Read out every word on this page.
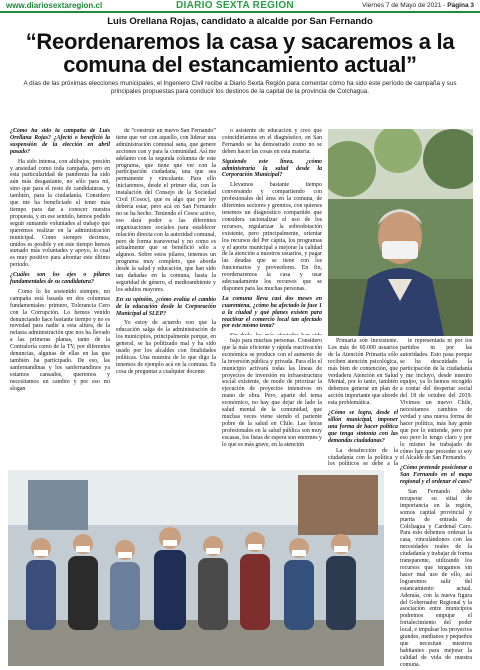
www.diariosextaregion.cl	DIARIO SEXTA REGIÓN	Viernes 7 de Mayo de 2021 - Página 3
Luis Orellana Rojas, candidato a alcalde por San Fernando
“Reordenaremos la casa y sacaremos a la comuna del estancamiento actual”
A días de las próximas elecciones municipales, el Ingeniero Civil recibe a Diario Sexta Región para comentar cómo ha sido este período de campaña y sus principales propuestas para conducir los destinos de la capital de la provincia de Colchagua.

¿Cómo ha sido la campaña de Luis Orellana Rojas? ¿Afectó o benefició la suspensión de la elección en abril pasado?

Ha sido intensa, con altibajos, presión y ansiedad como toda campaña, pero en esta particularidad de pandemia ha sido aún más desgastante, no sólo para mí, sino que para el resto de candidaturas, y también, para la ciudadanía. Considero que me ha beneficiado el tener más tiempo para dar a conocer nuestra propuesta, y en ese sentido, hemos podido seguir sumando voluntades al trabajo que queremos realizar en la administración municipal. Como siempre decimos, unidos es posible y en este tiempo hemos sumado más voluntades y apoyo, lo cual es muy positivo para afrontar este último período.

¿Cuáles son los ejes o pilares fundamentales de su candidatura?

Como lo he sostenido siempre, mi campaña está basada en dos columnas fundamentales: primero, Tolerancia Cero con la Corrupción. Lo hemos venido denunciando hace bastante tiempo y no es novedad para nadie a esta altura, de la nefasta administración que nos ha llevado a las primeras planas, tanto de la Contraloría como de la TV, por diferentes denuncias, algunas de ellas en las que también ha participado. De eso, las sanfernandinas y los sanfernandinos ya estamos cansados, queremos y necesitamos un cambio y por eso mi slogan

de “construir un nuevo San Fernando” tiene que ver con aquello, con liderar una administración comunal sana, que genere acciones con y para la comunidad. Así me adelanto con la segunda columna de este programa, que tiene que ver con la participación ciudadana, una que sea permanente y vinculante. Para ello iniciaremos, desde el primer día, con la instalación del Consejo de la Sociedad Civil (Cosoc), que es algo que por ley debería estar, pero acá en San Fernando no se ha hecho. Teniendo el Cosoc activo, eso dará poder a las diferentes organizaciones sociales para establecer relación directa con la autoridad comunal, pero de forma transversal y no como es actualmente que se benefició sólo a algunos. Sobre estos pilares, tenemos un programa muy completo, que aborda desde la salud y educación, que han sido tan dañadas en la comuna, hasta la seguridad de género, el medioambiente y los adultos mayores.

En su opinión, ¿cómo evalúa el cambio de la educación desde la Corporación Municipal al SLEP?

Yo estoy de acuerdo con que la educación salga de la administración de los municipios, principalmente porque, en general, se ha politizado mal y ha sido usado por los alcaldes con finalidades políticas. Una muestra de lo que digo la tenemos de ejemplo acá en la comuna. Es cosa de preguntar a cualquier docente

o asistente de educación y creo que coincidiríamos en el diagnóstico, en San Fernando se ha demostrado como no se deben hacer las cosas en esta materia.

Siguiendo este línea, ¿cómo administraría la salud desde la Corporación Municipal?

Llevamos bastante tiempo conversando y compartiendo con profesionales del área en la comuna, de diferentes sectores y gremios, con quienes tenemos un diagnóstico compartido que considera racionalizar el uso de los recursos, regularizar la sobredotación existente, pero principalmente, orientar los recursos del Per cápita, los programas y el aporte municipal a mejorar la calidad de la atención a nuestros usuarios, y pagar las deudas que se tiene con los funcionarios y proveedores. En fin, reordenaremos la casa y usar adecuadamente los recursos que se disponen para las muchas personas.

La comuna lleva casi dos meses en cuarentena, ¿cómo ha afectado la fase 1 a la ciudad y qué planes existen para reactivar el comercio local tan afectado por este mismo tema?

bajo para muchas personas. Considero que la más eficiente y rápida reactivación económica se produce con el aumento de la inversión pública y privada. Para ello el municipio activará todas las líneas de proyectos de inversión en infraestructura social existente, de modo de priorizar la ejecución de proyectos intensivos en mano de obra. Pero, aparte del tema económico, no hay que dejar de lado la salud mental de la comunidad, que muchas veces viene siendo el pariente pobre de la salud en Chile. Las horas profesionales en la salud pública son muy escasas, los listas de espera son enormes y lo que es más grave, en la atención

Primaria son inexistente. Los más de 60.000 usuarios de la Atención Primaria sólo reciben atención psicológica, más bien de contención, que verdadera Atención en Salud Mental, por lo tanto, también debemos generar un plan de acción importante que aborde esta problemática.

¿Cómo se logra, desde el sillón municipal, imponer una forma de hacer política que tenga sintonía con las demandas ciudadanas?

La desafección de la ciudadanía con la política y los políticos se debe a la

te representada ni por los partidos ni por las autoridades. Esto pasa porque se ha descuidado la participación de la ciudadanía y me incluyo, desde nuestro equipo, ya lo hemos recogido a contar del despertar social del 18 de octubre del 2019. Vivimos un nuevo Chile, necesitamos cambios de verdad y una nueva forma de hacer política, más hay gente que por lo entiende, pero por eso pero lo tengo claro y por lo mismo he trabajado de cómo hay que proceder si soy el Alcalde de San Fernando.

¿Cómo pretende posicionar a San Fernando en el mapa regional y el ordenar el caos?

San Fernando debe recuperar su sitial de importancia en la región, somos capital provincial y puerta de entrada de Colchagua y Cardenal Caro. Para esto debemos ordenar la casa, vinculándonos con las necesidades reales de la ciudadanía y trabajar de forma transparente, utilizando los recursos que tengamos sin hacer mal uso de ello, así lograremos salir del estancamiento actual. Además, con la nueva figura del Gobernador Regional y la asociación entre municipios podremos empujar el fortalecimiento del poder local, e impulsar los proyectos grandes, medianos y pequeños que necesitan nuestros habitantes para mejorar la calidad de vida de nuestra comuna.
